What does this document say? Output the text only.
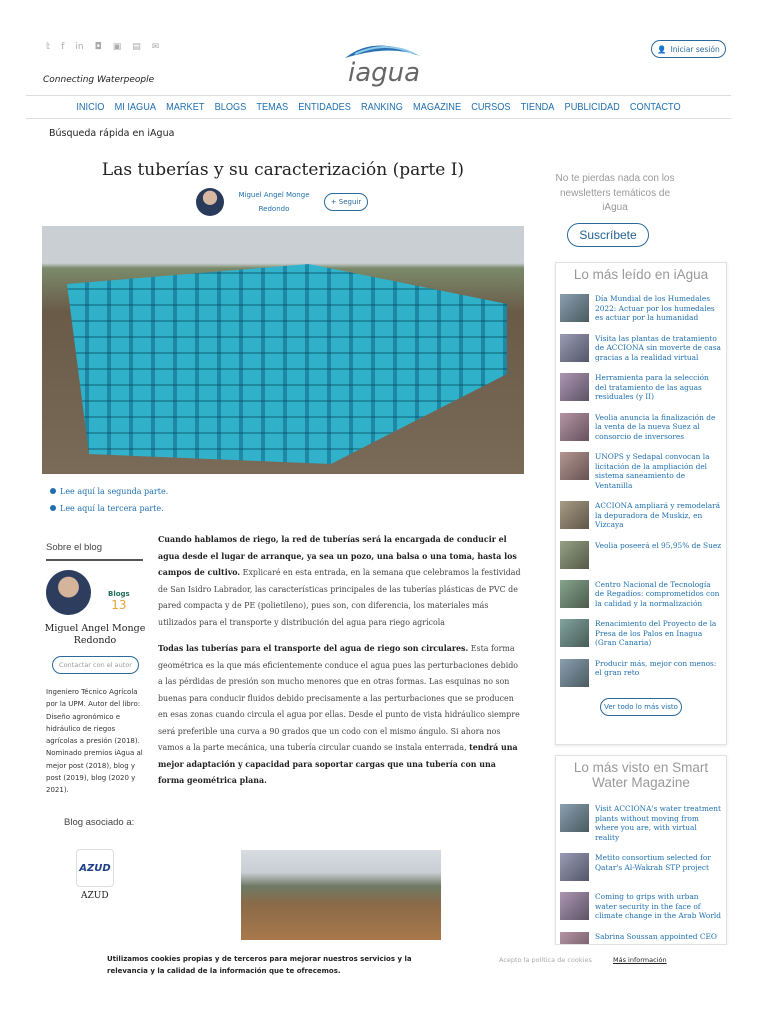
𝕥 f in ◘ ▣ ▤ ✉
Connecting Waterpeople	iagua
👤 Iniciar sesión
INICIO MI IAGUA MARKET BLOGS TEMAS ENTIDADES RANKING MAGAZINE CURSOS TIENDA PUBLICIDAD CONTACTO
Búsqueda rápida en iAgua
Las tuberías y su caracterización (parte I)
Miguel Angel Monge Redondo
+ Seguir
Lee aquí la segunda parte.
Lee aquí la tercera parte.
Sobre el blog
Blogs
13
Miguel Angel Monge Redondo
Contactar con el autor
Ingeniero Técnico Agrícola por la UPM. Autor del libro: Diseño agronómico e hidráulico de riegos agrícolas a presión (2018). Nominado premios iAgua al mejor post (2018), blog y post (2019), blog (2020 y 2021).
Blog asociado a:
AZUD
AZUD

Cuando hablamos de riego, la red de tuberías será la encargada de conducir el agua desde el lugar de arranque, ya sea un pozo, una balsa o una toma, hasta los campos de cultivo. Explicaré en esta entrada, en la semana que celebramos la festividad de San Isidro Labrador, las características principales de las tuberías plásticas de PVC de pared compacta y de PE (polietileno), pues son, con diferencia, los materiales más utilizados para el transporte y distribución del agua para riego agrícola

Todas las tuberías para el transporte del agua de riego son circulares. Esta forma geométrica es la que más eficientemente conduce el agua pues las perturbaciones debido a las pérdidas de presión son mucho menores que en otras formas. Las esquinas no son buenas para conducir fluidos debido precisamente a las perturbaciones que se producen en esas zonas cuando circula el agua por ellas. Desde el punto de vista hidráulico siempre será preferible una curva a 90 grados que un codo con el mismo ángulo. Si ahora nos vamos a la parte mecánica, una tubería circular cuando se instala enterrada, tendrá una mejor adaptación y capacidad para soportar cargas que una tubería con una forma geométrica plana.

No te pierdas nada con los newsletters temáticos de iAgua
Suscríbete
Lo más leído en iAgua
Día Mundial de los Humedales 2022: Actuar por los humedales es actuar por la humanidad
Visita las plantas de tratamiento de ACCIONA sin moverte de casa gracias a la realidad virtual
Herramienta para la selección del tratamiento de las aguas residuales (y II)
Veolia anuncia la finalización de la venta de la nueva Suez al consorcio de inversores
UNOPS y Sedapal convocan la licitación de la ampliación del sistema saneamiento de Ventanilla
ACCIONA ampliará y remodelará la depuradora de Muskiz, en Vizcaya
Veolia poseerá el 95,95% de Suez
Centro Nacional de Tecnología de Regadíos: comprometidos con la calidad y la normalización
Renacimiento del Proyecto de la Presa de los Palos en Inagua (Gran Canaria)
Producir más, mejor con menos: el gran reto
Ver todo lo más visto
Lo más visto en Smart Water Magazine
Visit ACCIONA's water treatment plants without moving from where you are, with virtual reality
Metito consortium selected for Qatar's Al-Wakrah STP project
Coming to grips with urban water security in the face of climate change in the Arab World
Sabrina Soussan appointed CEO
Utilizamos cookies propias y de terceros para mejorar nuestros servicios y la relevancia y la calidad de la información que te ofrecemos.
Acepto la política de cookies	Más información
